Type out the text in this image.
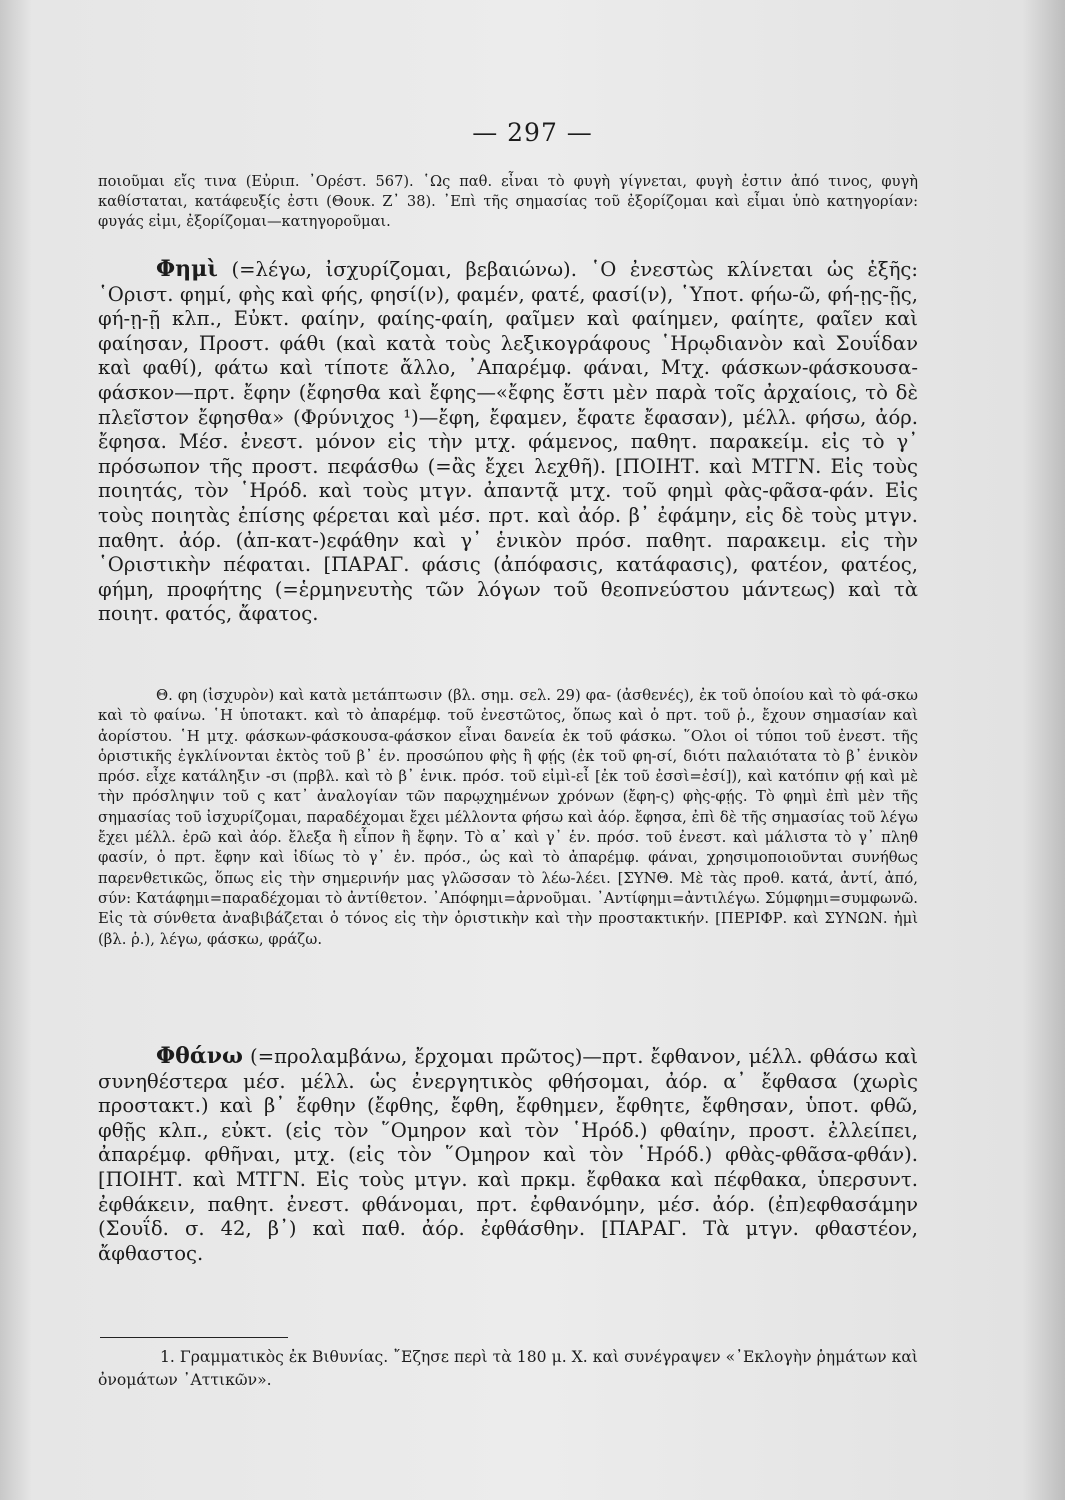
— 297 —

ποιοῦμαι εἴς τινα (Εὐριπ. ᾽Ορέστ. 567). ῾Ως παθ. εἶναι τὸ φυγὴ γίγνεται, φυγὴ ἐστιν ἀπό τινος, φυγὴ καθίσταται, κατάφευξίς ἐστι (Θουκ. Ζ᾽ 38). ᾽Επὶ τῆς σημασίας τοῦ ἐξορίζομαι καὶ εἶμαι ὑπὸ κατηγορίαν: φυγάς εἰμι, ἐξορίζομαι—κατηγοροῦμαι.

Φημὶ (=λέγω, ἰσχυρίζομαι, βεβαιώνω). ῾Ο ἐνεστὼς κλίνεται ὡς ἑξῆς: ῾Οριστ. φημί, φὴς καὶ φής, φησί(ν), φαμέν, φατέ, φασί(ν), ῾Υποτ. φήω-ῶ, φή-ῃς-ῇς, φή-ῃ-ῇ κλπ., Εὐκτ. φαίην, φαίης-φαίη, φαῖμεν καὶ φαίημεν, φαίητε, φαῖεν καὶ φαίησαν, Προστ. φάθι (καὶ κατὰ τοὺς λεξικογράφους ῾Ηρῳδιανὸν καὶ Σουΐδαν καὶ φαθί), φάτω καὶ τίποτε ἄλλο, ᾽Απαρέμφ. φάναι, Μτχ. φάσκων-φάσκουσα-φάσκον—πρτ. ἔφην (ἔφησθα καὶ ἔφης—«ἔφης ἔστι μὲν παρὰ τοῖς ἀρχαίοις, τὸ δὲ πλεῖστον ἔφησθα» (Φρύνιχος ¹)—ἔφη, ἔφαμεν, ἔφατε ἔφασαν), μέλλ. φήσω, ἀόρ. ἔφησα. Μέσ. ἐνεστ. μόνον εἰς τὴν μτχ. φάμενος, παθητ. παρακείμ. εἰς τὸ γ᾽ πρόσωπον τῆς προστ. πεφάσθω (=ἂς ἔχει λεχθῆ). [ΠΟΙΗΤ. καὶ ΜΤΓΝ. Εἰς τοὺς ποιητάς, τὸν ῾Ηρόδ. καὶ τοὺς μτγν. ἀπαντᾷ μτχ. τοῦ φημὶ φὰς-φᾶσα-φάν. Εἰς τοὺς ποιητὰς ἐπίσης φέρεται καὶ μέσ. πρτ. καὶ ἀόρ. β᾽ ἐφάμην, εἰς δὲ τοὺς μτγν. παθητ. ἀόρ. (ἀπ-κατ-)εφάθην καὶ γ᾽ ἑνικὸν πρόσ. παθητ. παρακειμ. εἰς τὴν ῾Οριστικὴν πέφαται. [ΠΑΡΑΓ. φάσις (ἀπόφασις, κατάφασις), φατέον, φατέος, φήμη, προφήτης (=ἑρμηνευτὴς τῶν λόγων τοῦ θεοπνεύστου μάντεως) καὶ τὰ ποιητ. φατός, ἄφατος.

Θ. φη (ἰσχυρὸν) καὶ κατὰ μετάπτωσιν (βλ. σημ. σελ. 29) φα- (ἀσθενές), ἐκ τοῦ ὁποίου καὶ τὸ φά-σκω καὶ τὸ φαίνω. ῾Η ὑποτακτ. καὶ τὸ ἀπαρέμφ. τοῦ ἐνεστῶτος, ὅπως καὶ ὁ πρτ. τοῦ ῥ., ἔχουν σημασίαν καὶ ἀορίστου. ῾Η μτχ. φάσκων-φάσκουσα-φάσκον εἶναι δανεία ἐκ τοῦ φάσκω. ῞Ολοι οἱ τύποι τοῦ ἐνεστ. τῆς ὁριστικῆς ἐγκλίνονται ἐκτὸς τοῦ β᾽ ἑν. προσώπου φὴς ἢ φῄς (ἐκ τοῦ φη-σί, διότι παλαιότατα τὸ β᾽ ἑνικὸν πρόσ. εἶχε κατάληξιν -σι (πρβλ. καὶ τὸ β᾽ ἑνικ. πρόσ. τοῦ εἰμὶ-εἶ [ἐκ τοῦ ἐσσὶ=ἐσί]), καὶ κατόπιν φῄ καὶ μὲ τὴν πρόσληψιν τοῦ ς κατ᾽ ἀναλογίαν τῶν παρῳχημένων χρόνων (ἔφη-ς) φὴς-φῄς. Τὸ φημὶ ἐπὶ μὲν τῆς σημασίας τοῦ ἰσχυρίζομαι, παραδέχομαι ἔχει μέλλοντα φήσω καὶ ἀόρ. ἔφησα, ἐπὶ δὲ τῆς σημασίας τοῦ λέγω ἔχει μέλλ. ἐρῶ καὶ ἀόρ. ἔλεξα ἢ εἶπον ἢ ἔφην. Τὸ α᾽ καὶ γ᾽ ἑν. πρόσ. τοῦ ἐνεστ. καὶ μάλιστα τὸ γ᾽ πληθ φασίν, ὁ πρτ. ἔφην καὶ ἰδίως τὸ γ᾽ ἑν. πρόσ., ὡς καὶ τὸ ἀπαρέμφ. φάναι, χρησιμοποιοῦνται συνήθως παρενθετικῶς, ὅπως εἰς τὴν σημερινήν μας γλῶσσαν τὸ λέω-λέει. [ΣΥΝΘ. Μὲ τὰς προθ. κατά, ἀντί, ἀπό, σύν: Κατάφημι=παραδέχομαι τὸ ἀντίθετον. ᾽Απόφημι=ἀρνοῦμαι. ᾽Αντίφημι=ἀντιλέγω. Σύμφημι=συμφωνῶ. Εἰς τὰ σύνθετα ἀναβιβάζεται ὁ τόνος εἰς τὴν ὁριστικὴν καὶ τὴν προστακτικήν. [ΠΕΡΙΦΡ. καὶ ΣΥΝΩΝ. ἠμὶ (βλ. ῥ.), λέγω, φάσκω, φράζω.

Φθάνω (=προλαμβάνω, ἔρχομαι πρῶτος)—πρτ. ἔφθανον, μέλλ. φθάσω καὶ συνηθέστερα μέσ. μέλλ. ὡς ἐνεργητικὸς φθήσομαι, ἀόρ. α᾽ ἔφθασα (χωρὶς προστακτ.) καὶ β᾽ ἔφθην (ἔφθης, ἔφθη, ἔφθημεν, ἔφθητε, ἔφθησαν, ὑποτ. φθῶ, φθῇς κλπ., εὐκτ. (εἰς τὸν ῞Ομηρον καὶ τὸν ῾Ηρόδ.) φθαίην, προστ. ἐλλείπει, ἀπαρέμφ. φθῆναι, μτχ. (εἰς τὸν ῞Ομηρον καὶ τὸν ῾Ηρόδ.) φθὰς-φθᾶσα-φθάν). [ΠΟΙΗΤ. καὶ ΜΤΓΝ. Εἰς τοὺς μτγν. καὶ πρκμ. ἔφθακα καὶ πέφθακα, ὑπερσυντ. ἐφθάκειν, παθητ. ἐνεστ. φθάνομαι, πρτ. ἐφθανόμην, μέσ. ἀόρ. (ἐπ)εφθασάμην (Σουΐδ. σ. 42, β᾽) καὶ παθ. ἀόρ. ἐφθάσθην. [ΠΑΡΑΓ. Τὰ μτγν. φθαστέον, ἄφθαστος.

1. Γραμματικὸς ἐκ Βιθυνίας. ῎Εζησε περὶ τὰ 180 μ. Χ. καὶ συνέγραψεν «᾽Εκλογὴν ῥημάτων καὶ ὀνομάτων ᾽Αττικῶν».
